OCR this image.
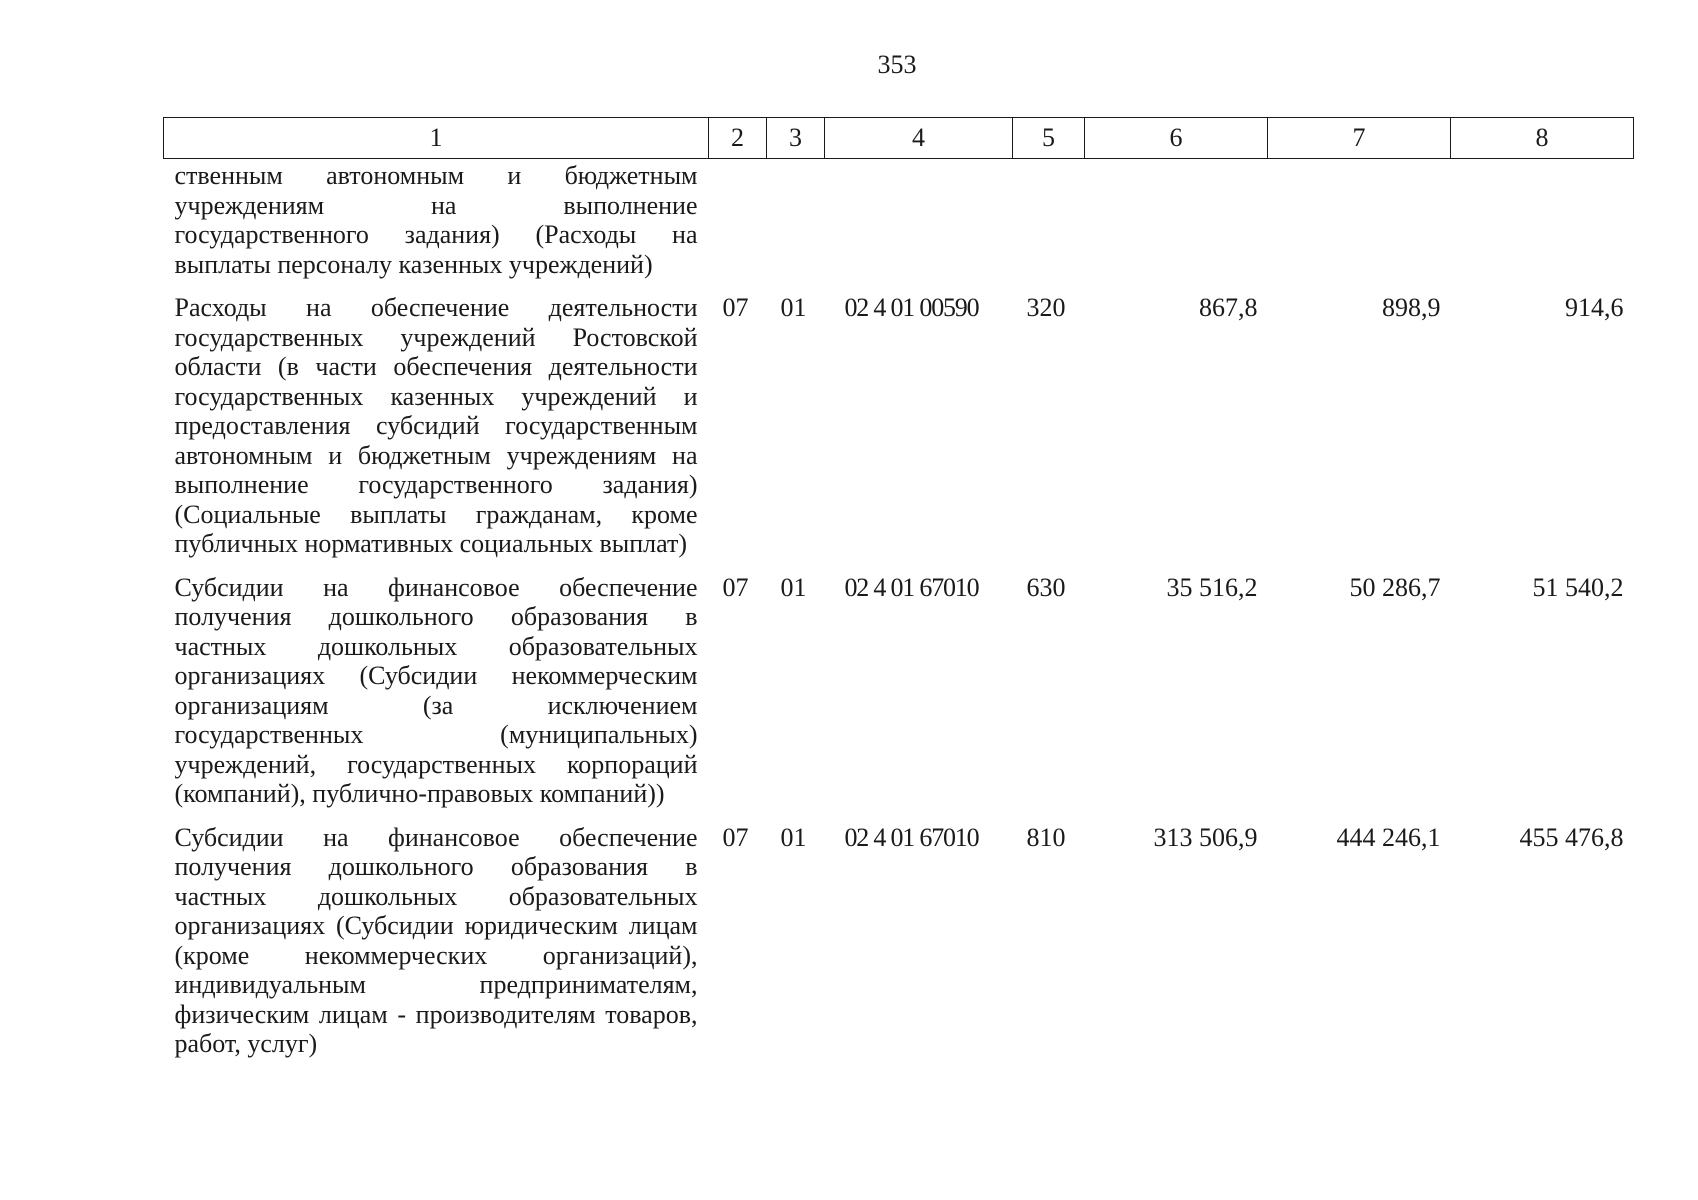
353
1	2	3	4	5	6	7	8
ственным автономным и бюджетным учреждениям на выполнение государственного задания) (Расходы на выплаты персоналу казенных учреждений)							
Расходы на обеспечение деятельности государственных учреждений Ростовской области (в части обеспечения деятельности государственных казенных учреждений и предоставления субсидий государственным автономным и бюджетным учреждениям на выполнение государственного задания) (Социальные выплаты гражданам, кроме публичных нормативных социальных выплат)	07	01	02 4 01 00590	320	867,8	898,9	914,6
Субсидии на финансовое обеспечение получения дошкольного образования в частных дошкольных образовательных организациях (Субсидии некоммерческим организациям (за исключением государственных (муниципальных) учреждений, государственных корпораций (компаний), публично-правовых компаний))	07	01	02 4 01 67010	630	35 516,2	50 286,7	51 540,2
Субсидии на финансовое обеспечение получения дошкольного образования в частных дошкольных образовательных организациях (Субсидии юридическим лицам (кроме некоммерческих организаций), индивидуальным предпринимателям, физическим лицам - производителям товаров, работ, услуг)	07	01	02 4 01 67010	810	313 506,9	444 246,1	455 476,8
